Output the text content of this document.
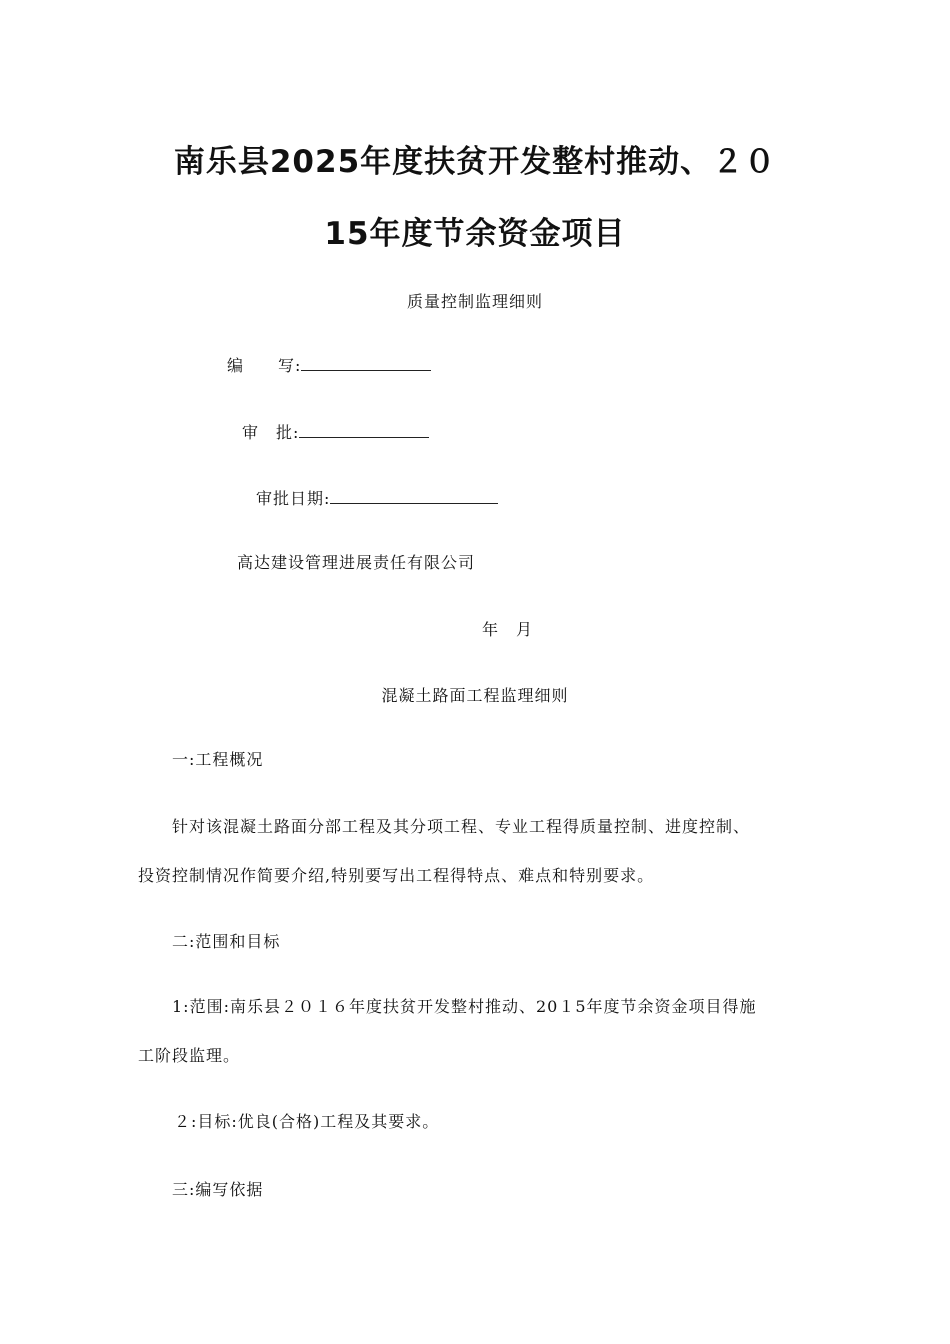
南乐县2025年度扶贫开发整村推动、２０
15年度节余资金项目
质量控制监理细则
编　　写:
审　批:
审批日期:
高达建设管理进展责任有限公司
年　月
混凝土路面工程监理细则
一:工程概况
针对该混凝土路面分部工程及其分项工程、专业工程得质量控制、进度控制、
投资控制情况作简要介绍,特别要写出工程得特点、难点和特别要求。
二:范围和目标
1:范围:南乐县２０１６年度扶贫开发整村推动、20１5年度节余资金项目得施
工阶段监理。
２:目标:优良(合格)工程及其要求。
三:编写依据
